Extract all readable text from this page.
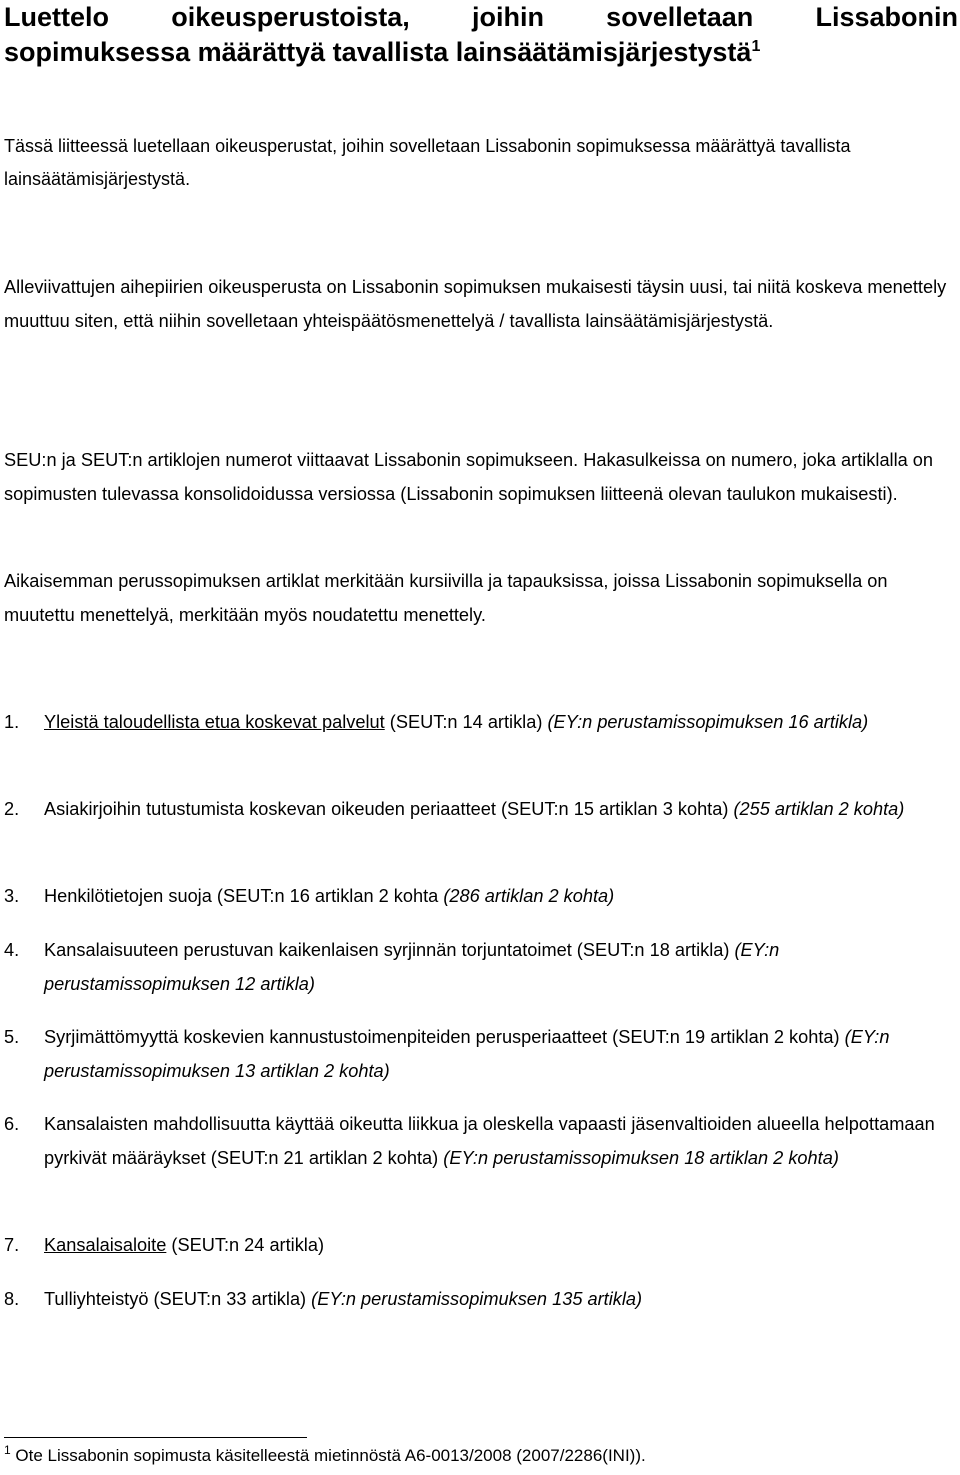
Luettelo oikeusperustoista, joihin sovelletaan Lissabonin
sopimuksessa määrättyä tavallista lainsäätämisjärjestystä$^1$

Tässä liitteessä luetellaan oikeusperustat, joihin sovelletaan Lissabonin sopimuksessa määrättyä tavallista lainsäätämisjärjestystä.

Alleviivattujen aihepiirien oikeusperusta on Lissabonin sopimuksen mukaisesti täysin uusi, tai niitä koskeva menettely muuttuu siten, että niihin sovelletaan yhteispäätösmenettelyä / tavallista lainsäätämisjärjestystä.

SEU:n ja SEUT:n artiklojen numerot viittaavat Lissabonin sopimukseen. Hakasulkeissa on numero, joka artiklalla on sopimusten tulevassa konsolidoidussa versiossa (Lissabonin sopimuksen liitteenä olevan taulukon mukaisesti).

Aikaisemman perussopimuksen artiklat merkitään kursiivilla ja tapauksissa, joissa Lissabonin sopimuksella on muutettu menettelyä, merkitään myös noudatettu menettely.

1. Yleistä taloudellista etua koskevat palvelut (SEUT:n 14 artikla) (EY:n perustamissopimuksen 16 artikla)
2. Asiakirjoihin tutustumista koskevan oikeuden periaatteet (SEUT:n 15 artiklan 3 kohta) (255 artiklan 2 kohta)
3. Henkilötietojen suoja (SEUT:n 16 artiklan 2 kohta (286 artiklan 2 kohta)
4. Kansalaisuuteen perustuvan kaikenlaisen syrjinnän torjuntatoimet (SEUT:n 18 artikla) (EY:n perustamissopimuksen 12 artikla)
5. Syrjimättömyyttä koskevien kannustustoimenpiteiden perusperiaatteet (SEUT:n 19 artiklan 2 kohta) (EY:n perustamissopimuksen 13 artiklan 2 kohta)
6. Kansalaisten mahdollisuutta käyttää oikeutta liikkua ja oleskella vapaasti jäsenvaltioiden alueella helpottamaan pyrkivät määräykset (SEUT:n 21 artiklan 2 kohta) (EY:n perustamissopimuksen 18 artiklan 2 kohta)
7. Kansalaisaloite (SEUT:n 24 artikla)
8. Tulliyhteistyö (SEUT:n 33 artikla) (EY:n perustamissopimuksen 135 artikla)

$^1$ Ote Lissabonin sopimusta käsitelleestä mietinnöstä A6-0013/2008 (2007/2286(INI)).
